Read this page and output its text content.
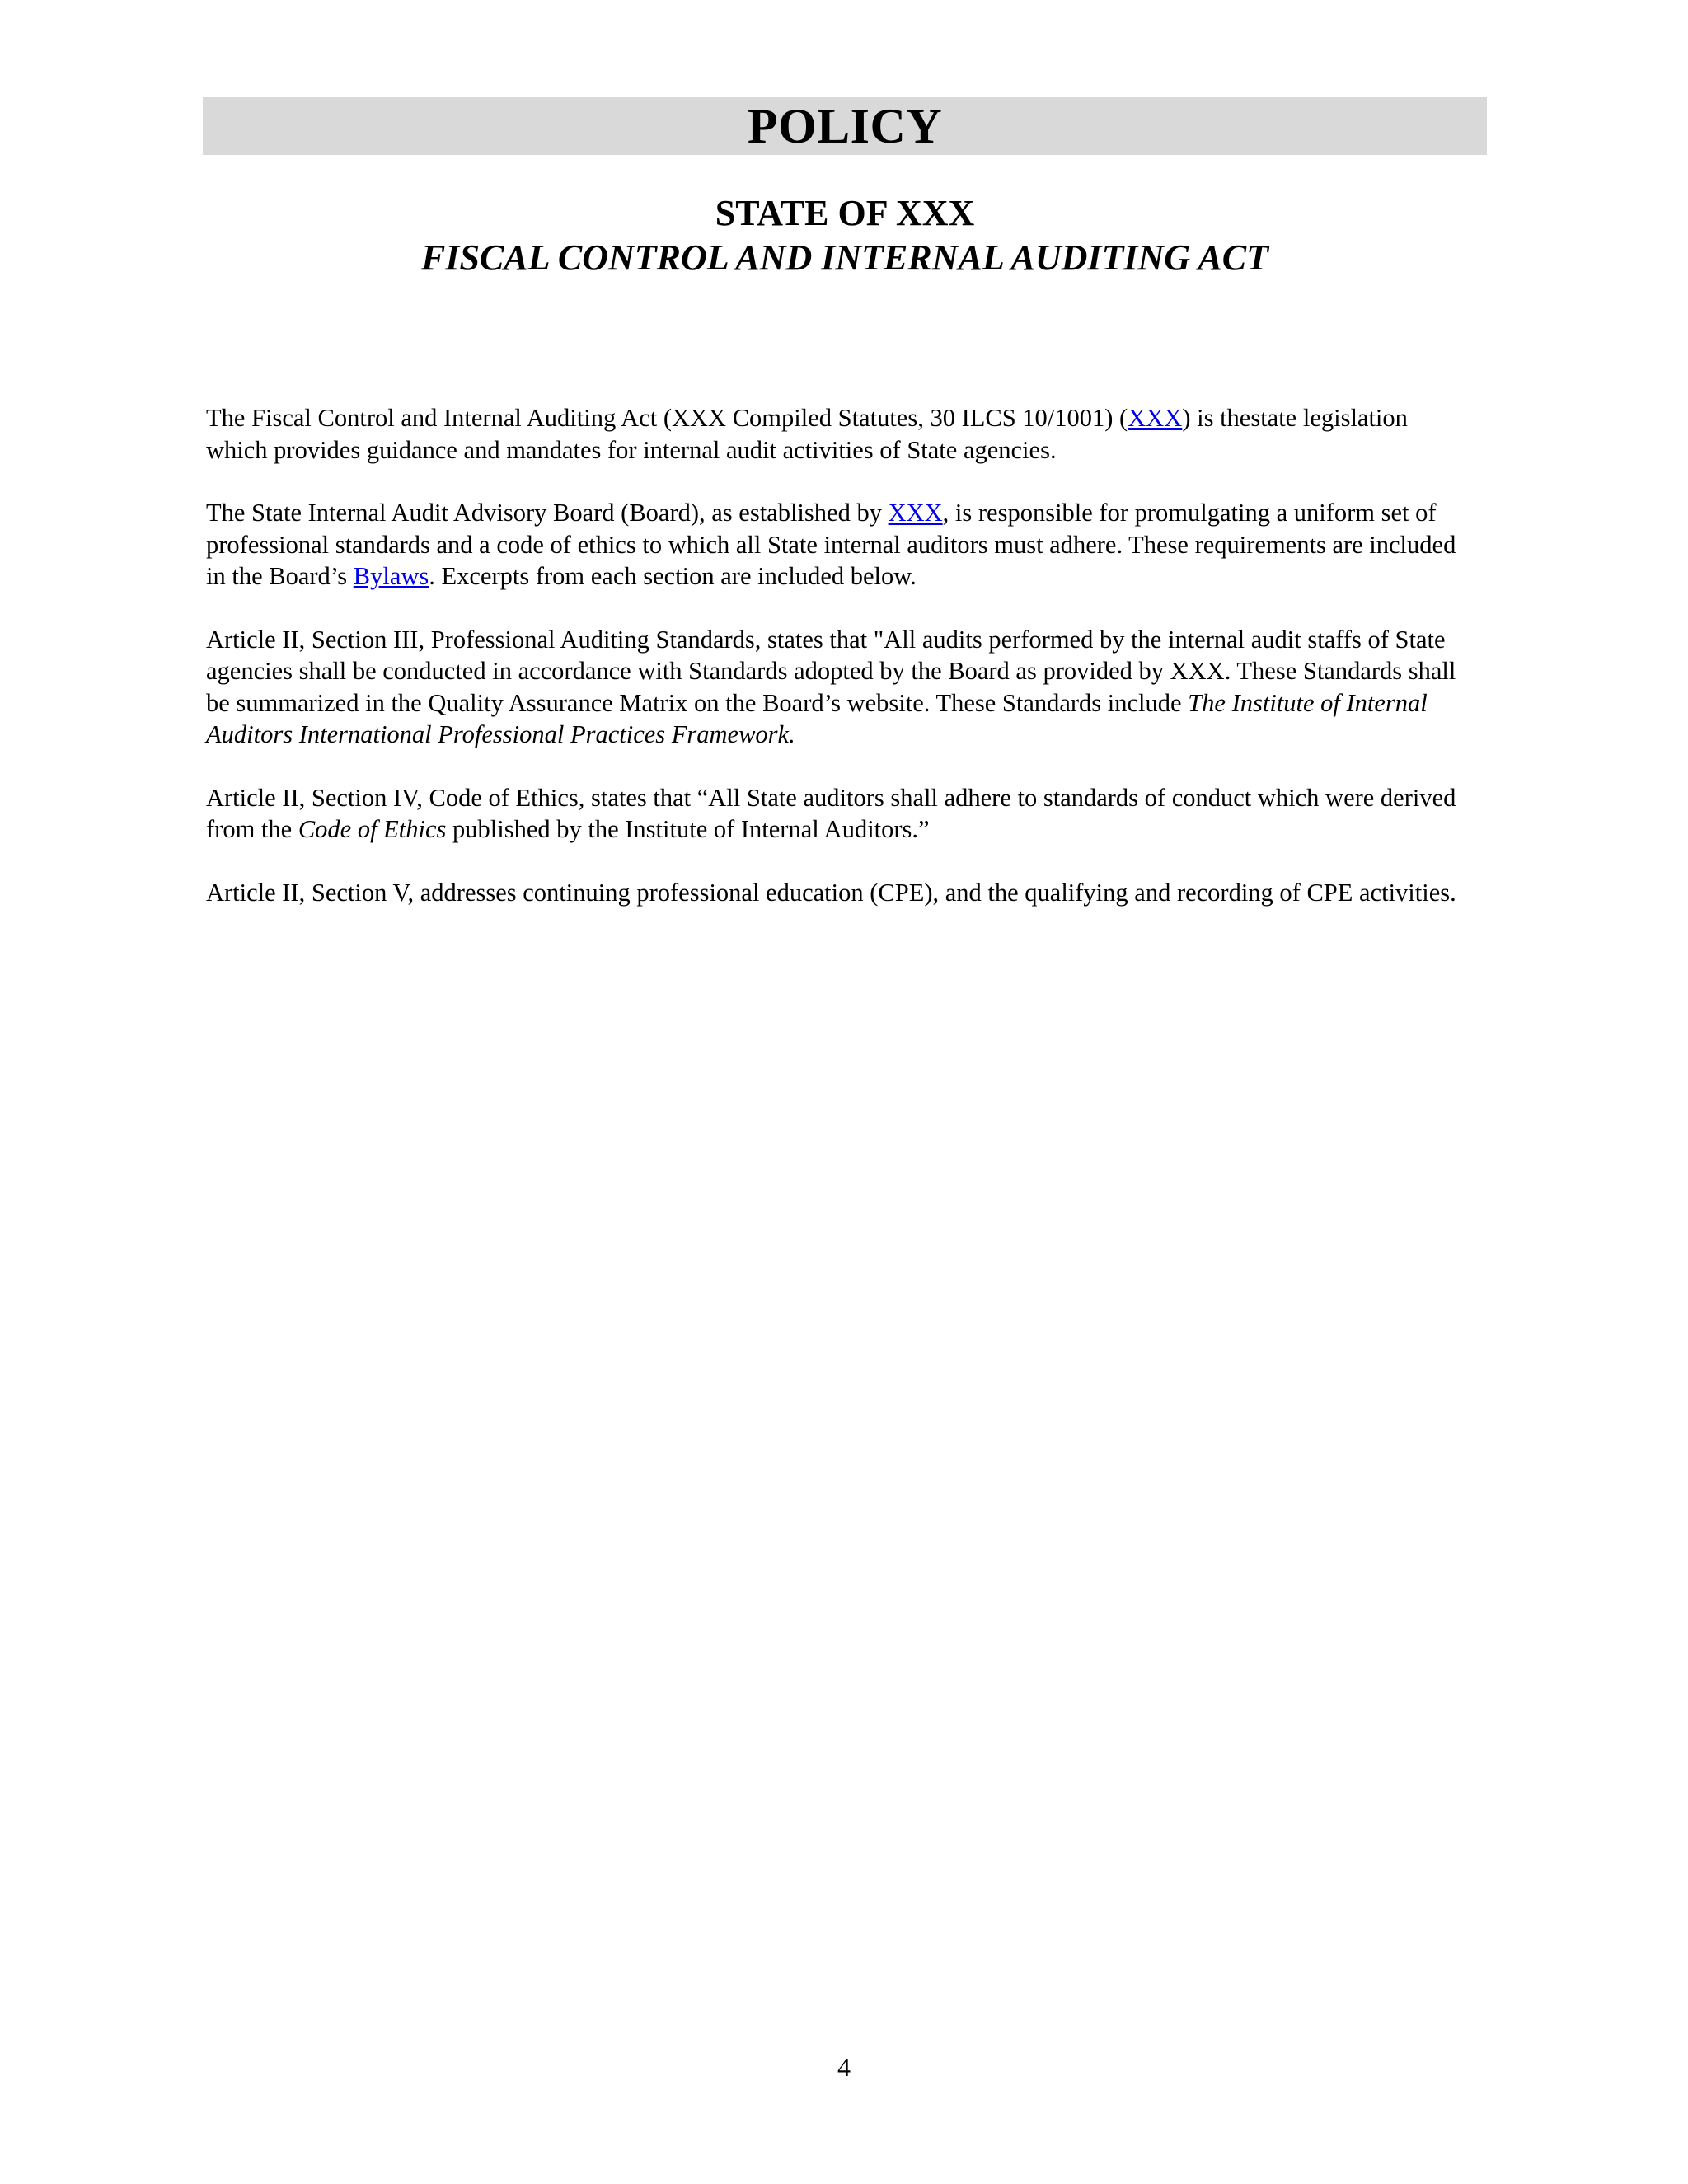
POLICY
STATE OF XXX
FISCAL CONTROL AND INTERNAL AUDITING ACT

The Fiscal Control and Internal Auditing Act (XXX Compiled Statutes, 30 ILCS 10/1001) (XXX) is thestate legislation which provides guidance and mandates for internal audit activities of State agencies.

The State Internal Audit Advisory Board (Board), as established by XXX, is responsible for promulgating a uniform set of professional standards and a code of ethics to which all State internal auditors must adhere. These requirements are included in the Board’s Bylaws. Excerpts from each section are included below.

Article II, Section III, Professional Auditing Standards, states that "All audits performed by the internal audit staffs of State agencies shall be conducted in accordance with Standards adopted by the Board as provided by XXX. These Standards shall be summarized in the Quality Assurance Matrix on the Board’s website. These Standards include The Institute of Internal Auditors International Professional Practices Framework.

Article II, Section IV, Code of Ethics, states that “All State auditors shall adhere to standards of conduct which were derived from the Code of Ethics published by the Institute of Internal Auditors.”

Article II, Section V, addresses continuing professional education (CPE), and the qualifying and recording of CPE activities.

4
